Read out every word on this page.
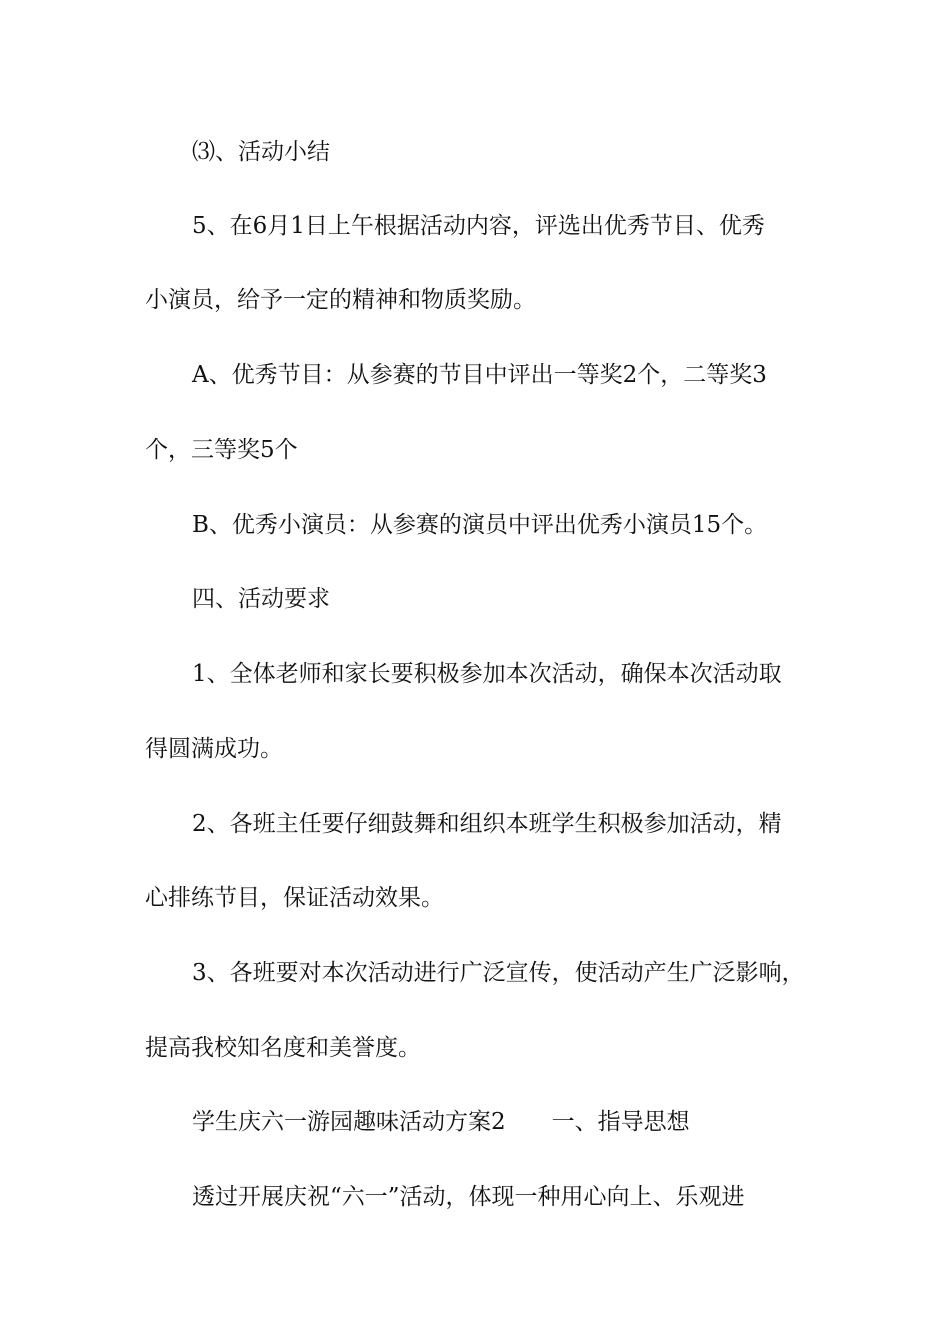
⑶、活动小结
5、在6月1日上午根据活动内容，评选出优秀节目、优秀
小演员，给予一定的精神和物质奖励。
A、优秀节目：从参赛的节目中评出一等奖2个，二等奖3
个，三等奖5个
B、优秀小演员：从参赛的演员中评出优秀小演员15个。
四、活动要求
1、全体老师和家长要积极参加本次活动，确保本次活动取
得圆满成功。
2、各班主任要仔细鼓舞和组织本班学生积极参加活动，精
心排练节目，保证活动效果。
3、各班要对本次活动进行广泛宣传，使活动产生广泛影响，
提高我校知名度和美誉度。
学生庆六一游园趣味活动方案2　　一、指导思想
透过开展庆祝“六一”活动，体现一种用心向上、乐观进
